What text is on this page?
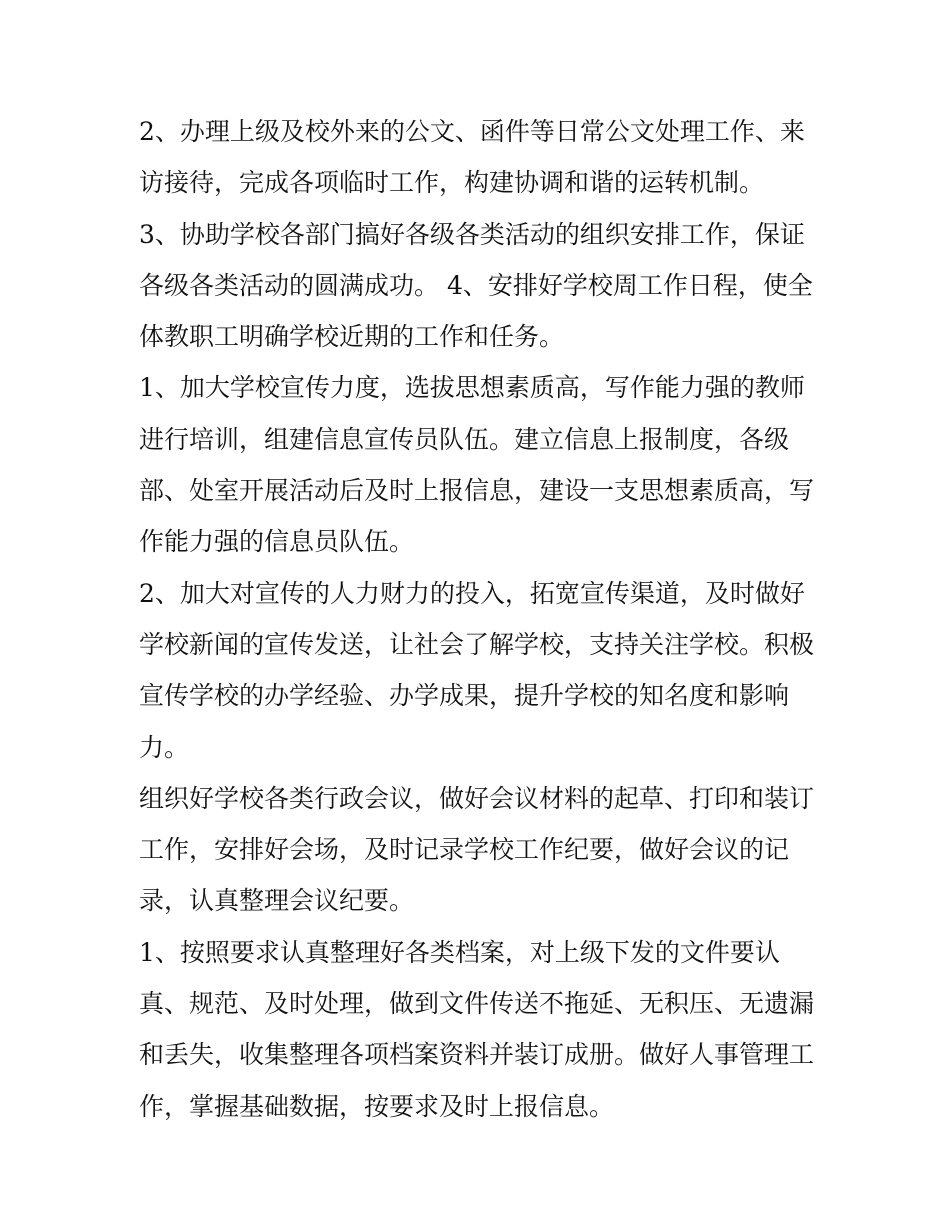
2、办理上级及校外来的公文、函件等日常公文处理工作、来
访接待，完成各项临时工作，构建协调和谐的运转机制。
3、协助学校各部门搞好各级各类活动的组织安排工作，保证
各级各类活动的圆满成功。 4、安排好学校周工作日程，使全
体教职工明确学校近期的工作和任务。
1、加大学校宣传力度，选拔思想素质高，写作能力强的教师
进行培训，组建信息宣传员队伍。建立信息上报制度，各级
部、处室开展活动后及时上报信息，建设一支思想素质高，写
作能力强的信息员队伍。
2、加大对宣传的人力财力的投入，拓宽宣传渠道，及时做好
学校新闻的宣传发送，让社会了解学校，支持关注学校。积极
宣传学校的办学经验、办学成果，提升学校的知名度和影响
力。
组织好学校各类行政会议，做好会议材料的起草、打印和装订
工作，安排好会场，及时记录学校工作纪要，做好会议的记
录，认真整理会议纪要。
1、按照要求认真整理好各类档案，对上级下发的文件要认
真、规范、及时处理，做到文件传送不拖延、无积压、无遗漏
和丢失，收集整理各项档案资料并装订成册。做好人事管理工
作，掌握基础数据，按要求及时上报信息。
